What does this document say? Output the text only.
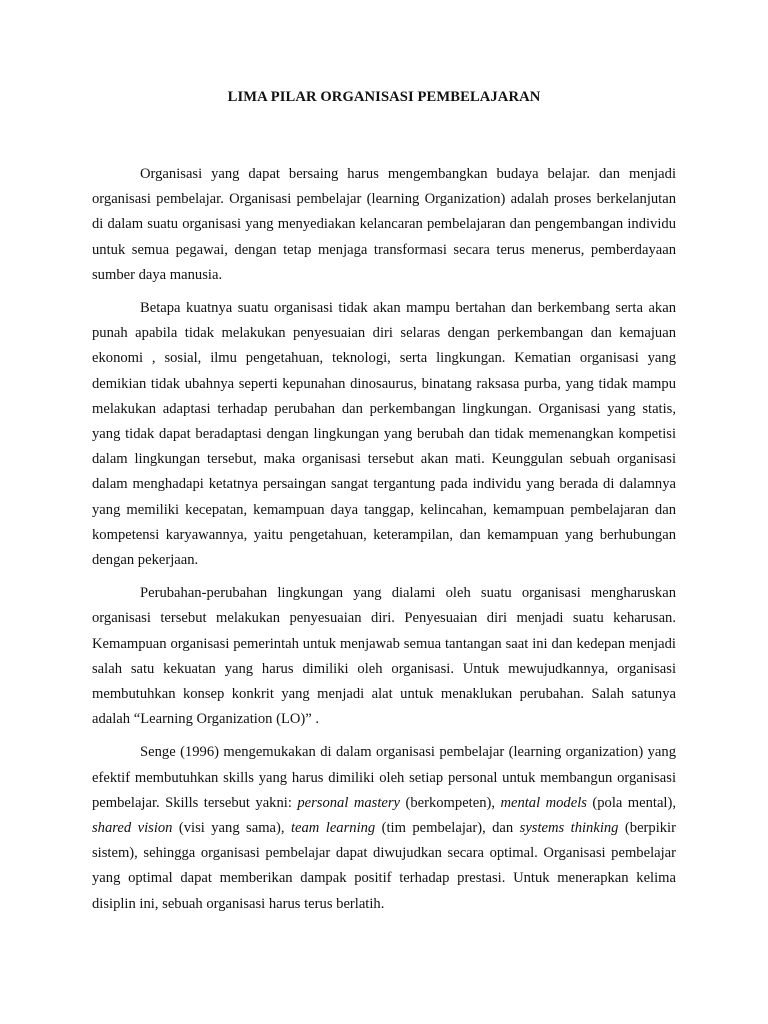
LIMA PILAR ORGANISASI PEMBELAJARAN

Organisasi yang dapat bersaing harus mengembangkan budaya belajar. dan menjadi organisasi pembelajar. Organisasi pembelajar (learning Organization) adalah proses berkelanjutan di dalam suatu organisasi yang menyediakan kelancaran pembelajaran dan pengembangan individu untuk semua pegawai, dengan tetap menjaga transformasi secara terus menerus, pemberdayaan sumber daya manusia.

Betapa kuatnya suatu organisasi tidak akan mampu bertahan dan berkembang serta akan punah apabila tidak melakukan penyesuaian diri selaras dengan perkembangan dan kemajuan ekonomi , sosial, ilmu pengetahuan, teknologi, serta lingkungan. Kematian organisasi yang demikian tidak ubahnya seperti kepunahan dinosaurus, binatang raksasa purba, yang tidak mampu melakukan adaptasi terhadap perubahan dan perkembangan lingkungan. Organisasi yang statis, yang tidak dapat beradaptasi dengan lingkungan yang berubah dan tidak memenangkan kompetisi dalam lingkungan tersebut, maka organisasi tersebut akan mati. Keunggulan sebuah organisasi dalam menghadapi ketatnya persaingan sangat tergantung pada individu yang berada di dalamnya yang memiliki kecepatan, kemampuan daya tanggap, kelincahan, kemampuan pembelajaran dan kompetensi karyawannya, yaitu pengetahuan, keterampilan, dan kemampuan yang berhubungan dengan pekerjaan.

Perubahan-perubahan lingkungan yang dialami oleh suatu organisasi mengharuskan organisasi tersebut melakukan penyesuaian diri. Penyesuaian diri menjadi suatu keharusan. Kemampuan organisasi pemerintah untuk menjawab semua tantangan saat ini dan kedepan menjadi salah satu kekuatan yang harus dimiliki oleh organisasi. Untuk mewujudkannya, organisasi membutuhkan konsep konkrit yang menjadi alat untuk menaklukan perubahan. Salah satunya adalah “Learning Organization (LO)” .

Senge (1996) mengemukakan di dalam organisasi pembelajar (learning organization) yang efektif membutuhkan skills yang harus dimiliki oleh setiap personal untuk membangun organisasi pembelajar. Skills tersebut yakni: personal mastery (berkompeten), mental models (pola mental), shared vision (visi yang sama), team learning (tim pembelajar), dan systems thinking (berpikir sistem), sehingga organisasi pembelajar dapat diwujudkan secara optimal. Organisasi pembelajar yang optimal dapat memberikan dampak positif terhadap prestasi. Untuk menerapkan kelima disiplin ini, sebuah organisasi harus terus berlatih.
